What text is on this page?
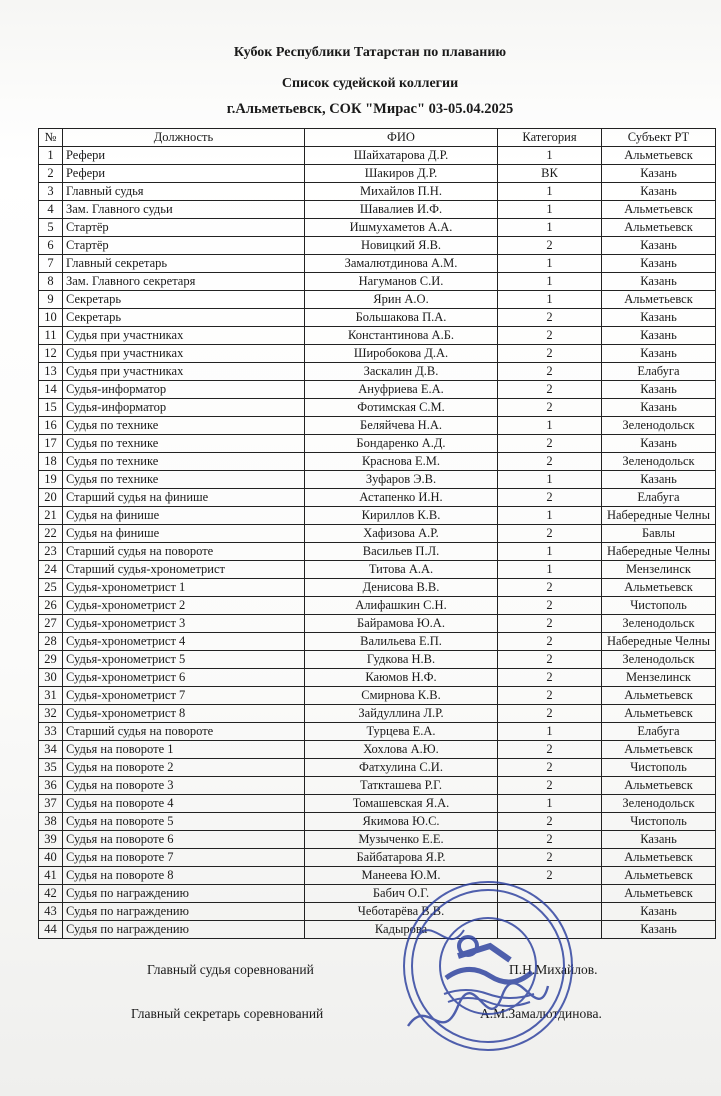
Кубок Республики Татарстан по плаванию
Список судейской коллегии
г.Альметьевск, СОК "Мирас" 03-05.04.2025
№	Должность	ФИО	Категория	Субъект РТ
1	Рефери	Шайхатарова Д.Р.	1	Альметьевск
2	Рефери	Шакиров Д.Р.	ВК	Казань
3	Главный судья	Михайлов П.Н.	1	Казань
4	Зам. Главного судьи	Шавалиев И.Ф.	1	Альметьевск
5	Стартёр	Ишмухаметов А.А.	1	Альметьевск
6	Стартёр	Новицкий Я.В.	2	Казань
7	Главный секретарь	Замалютдинова А.М.	1	Казань
8	Зам. Главного секретаря	Нагуманов С.И.	1	Казань
9	Секретарь	Ярин А.О.	1	Альметьевск
10	Секретарь	Большакова П.А.	2	Казань
11	Судья при участниках	Константинова А.Б.	2	Казань
12	Судья при участниках	Широбокова Д.А.	2	Казань
13	Судья при участниках	Заскалин Д.В.	2	Елабуга
14	Судья-информатор	Ануфриева Е.А.	2	Казань
15	Судья-информатор	Фотимская С.М.	2	Казань
16	Судья по технике	Беляйчева Н.А.	1	Зеленодольск
17	Судья по технике	Бондаренко А.Д.	2	Казань
18	Судья по технике	Краснова Е.М.	2	Зеленодольск
19	Судья по технике	Зуфаров Э.В.	1	Казань
20	Старший судья на финише	Астапенко И.Н.	2	Елабуга
21	Судья на финише	Кириллов К.В.	1	Набередные Челны
22	Судья на финише	Хафизова А.Р.	2	Бавлы
23	Старший судья на повороте	Васильев П.Л.	1	Набередные Челны
24	Старший судья-хронометрист	Титова А.А.	1	Мензелинск
25	Судья-хронометрист 1	Денисова В.В.	2	Альметьевск
26	Судья-хронометрист 2	Алифашкин С.Н.	2	Чистополь
27	Судья-хронометрист 3	Байрамова Ю.А.	2	Зеленодольск
28	Судья-хронометрист 4	Валильева Е.П.	2	Набередные Челны
29	Судья-хронометрист 5	Гудкова Н.В.	2	Зеленодольск
30	Судья-хронометрист 6	Каюмов Н.Ф.	2	Мензелинск
31	Судья-хронометрист 7	Смирнова К.В.	2	Альметьевск
32	Судья-хронометрист 8	Зайдуллина Л.Р.	2	Альметьевск
33	Старший судья на повороте	Турцева Е.А.	1	Елабуга
34	Судья на повороте 1	Хохлова А.Ю.	2	Альметьевск
35	Судья на повороте 2	Фатхулина С.И.	2	Чистополь
36	Судья на повороте 3	Таткташева Р.Г.	2	Альметьевск
37	Судья на повороте 4	Томашевская Я.А.	1	Зеленодольск
38	Судья на повороте 5	Якимова Ю.С.	2	Чистополь
39	Судья на повороте 6	Музыченко Е.Е.	2	Казань
40	Судья на повороте 7	Байбатарова Я.Р.	2	Альметьевск
41	Судья на повороте 8	Манеева Ю.М.	2	Альметьевск
42	Судья по награждению	Бабич О.Г.		Альметьевск
43	Судья по награждению	Чеботарёва В.В.		Казань
44	Судья по награждению	Кадырова		Казань
Главный судья соревнований	П.Н.Михайлов.
Главный секретарь соревнований	А.М.Замалютдинова.
